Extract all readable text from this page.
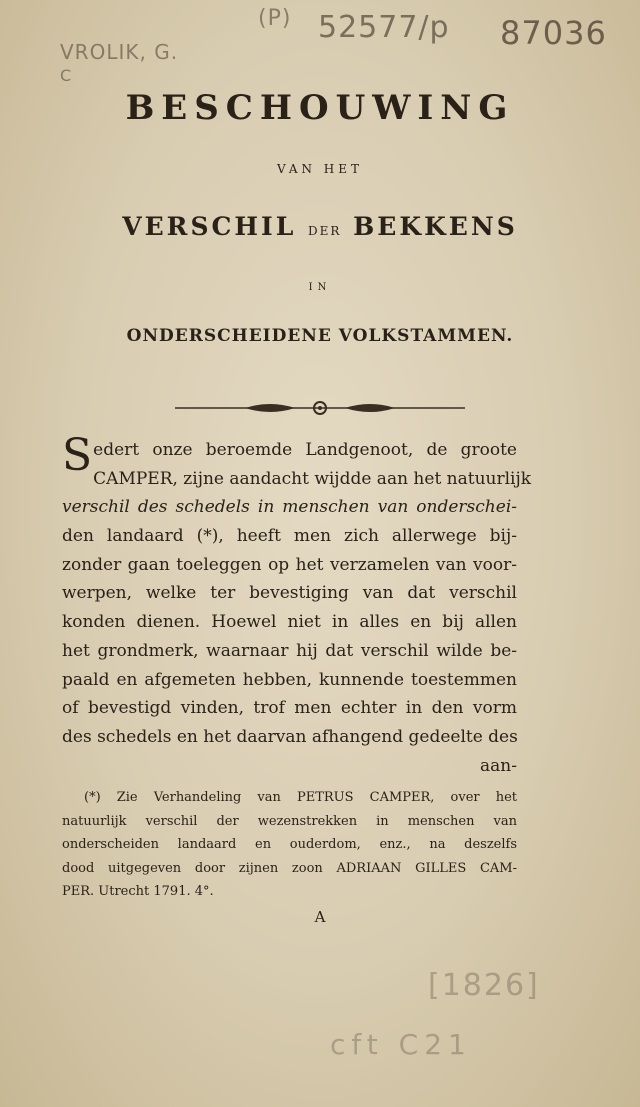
(P)
VROLIK, G.
C
52577/p 87036
BESCHOUWING
VAN HET
VERSCHIL DER BEKKENS
IN
ONDERSCHEIDENE VOLKSTAMMEN.
S edert onze beroemde Landgenoot, de groote
CAMPER, zijne aandacht wijdde aan het natuurlijk
verschil des schedels in menschen van onderschei-
den landaard (*), heeft men zich allerwege bij-
zonder gaan toeleggen op het verzamelen van voor-
werpen, welke ter bevestiging van dat verschil
konden dienen. Hoewel niet in alles en bij allen
het grondmerk, waarnaar hij dat verschil wilde be-
paald en afgemeten hebben, kunnende toestemmen
of bevestigd vinden, trof men echter in den vorm
des schedels en het daarvan afhangend gedeelte des
aan-
(*) Zie Verhandeling van PETRUS CAMPER, over het
natuurlijk verschil der wezenstrekken in menschen van
onderscheiden landaard en ouderdom, enz., na deszelfs
dood uitgegeven door zijnen zoon ADRIAAN GILLES CAM-
PER. Utrecht 1791. 4°.
A
[1826]
cft C21
